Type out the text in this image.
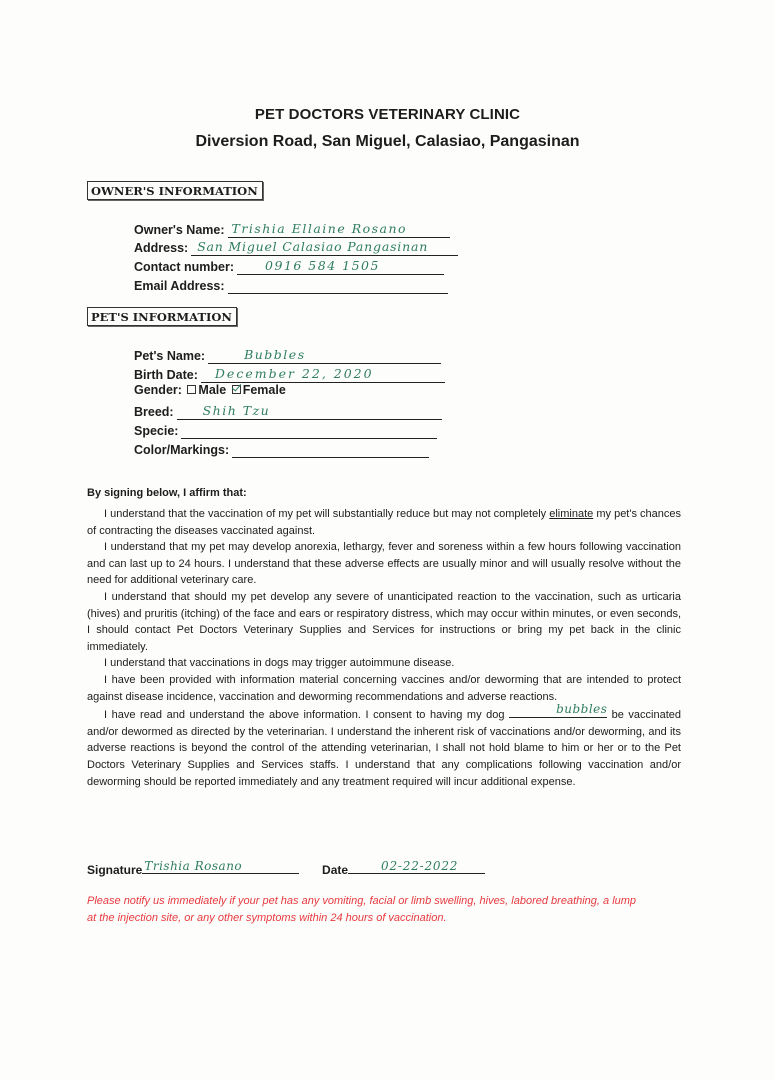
PET DOCTORS VETERINARY CLINIC
Diversion Road, San Miguel, Calasiao, Pangasinan
OWNER'S INFORMATION
Owner's Name: Trishia Ellaine Rosano
Address: San Miguel Calasiao Pangasinan
Contact number: 0916 584 1505
Email Address:
PET'S INFORMATION
Pet's Name:	Bubbles
Birth Date: December 22, 2020
Gender: Male Female
Breed: Shih Tzu
Specie:
Color/Markings:
By signing below, I affirm that:

I understand that the vaccination of my pet will substantially reduce but may not completely eliminate my pet's chances of contracting the diseases vaccinated against.

I understand that my pet may develop anorexia, lethargy, fever and soreness within a few hours following vaccination and can last up to 24 hours. I understand that these adverse effects are usually minor and will usually resolve without the need for additional veterinary care.

I understand that should my pet develop any severe of unanticipated reaction to the vaccination, such as urticaria (hives) and pruritis (itching) of the face and ears or respiratory distress, which may occur within minutes, or even seconds, I should contact Pet Doctors Veterinary Supplies and Services for instructions or bring my pet back in the clinic immediately.

I understand that vaccinations in dogs may trigger autoimmune disease.

I have been provided with information material concerning vaccines and/or deworming that are intended to protect against disease incidence, vaccination and deworming recommendations and adverse reactions.

I have read and understand the above information. I consent to having my dog	bubbles be vaccinated and/or dewormed as directed by the veterinarian. I understand the inherent risk of vaccinations and/or deworming, and its adverse reactions is beyond the control of the attending veterinarian, I shall not hold blame to him or her or to the Pet Doctors Veterinary Supplies and Services staffs. I understand that any complications following vaccination and/or deworming should be reported immediately and any treatment required will incur additional expense.

Signature Trishia Rosano	Date	02-22-2022
Please notify us immediately if your pet has any vomiting, facial or limb swelling, hives, labored breathing, a lump at the injection site, or any other symptoms within 24 hours of vaccination.
